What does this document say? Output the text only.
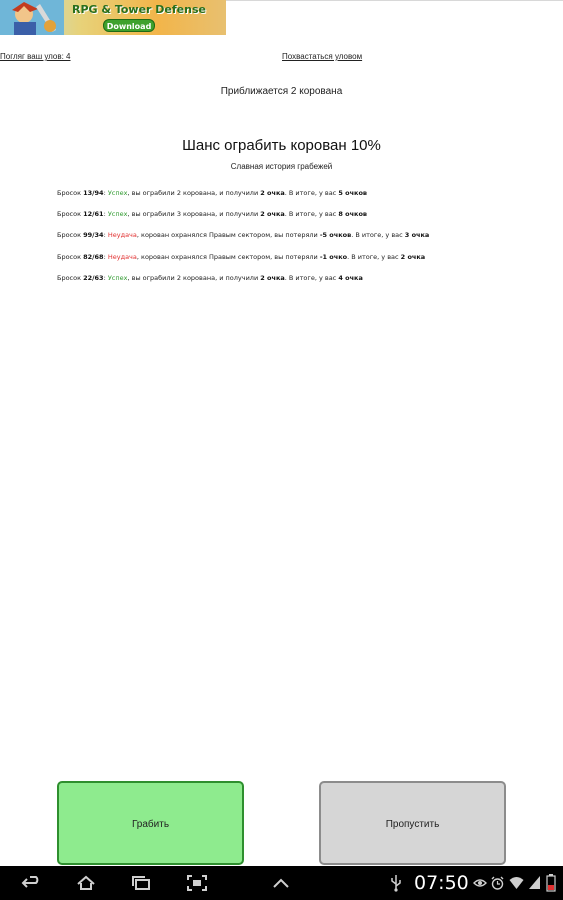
RPG & Tower Defense
Download
Погляг ваш улов: 4	Похвастаться уловом
Приближается 2 корована
Шанс ограбить корован 10%
Славная история грабежей
Бросок 13/94: Успех, вы ограбили 2 корована, и получили 2 очка. В итоге, у вас 5 очков
Бросок 12/61: Успех, вы ограбили 3 корована, и получили 2 очка. В итоге, у вас 8 очков
Бросок 99/34: Неудача, корован охранялся Правым сектором, вы потеряли -5 очков. В итоге, у вас 3 очка
Бросок 82/68: Неудача, корован охранялся Правым сектором, вы потеряли -1 очко. В итоге, у вас 2 очка
Бросок 22/63: Успех, вы ограбили 2 корована, и получили 2 очка. В итоге, у вас 4 очка
Грабить	Пропустить
07:50
